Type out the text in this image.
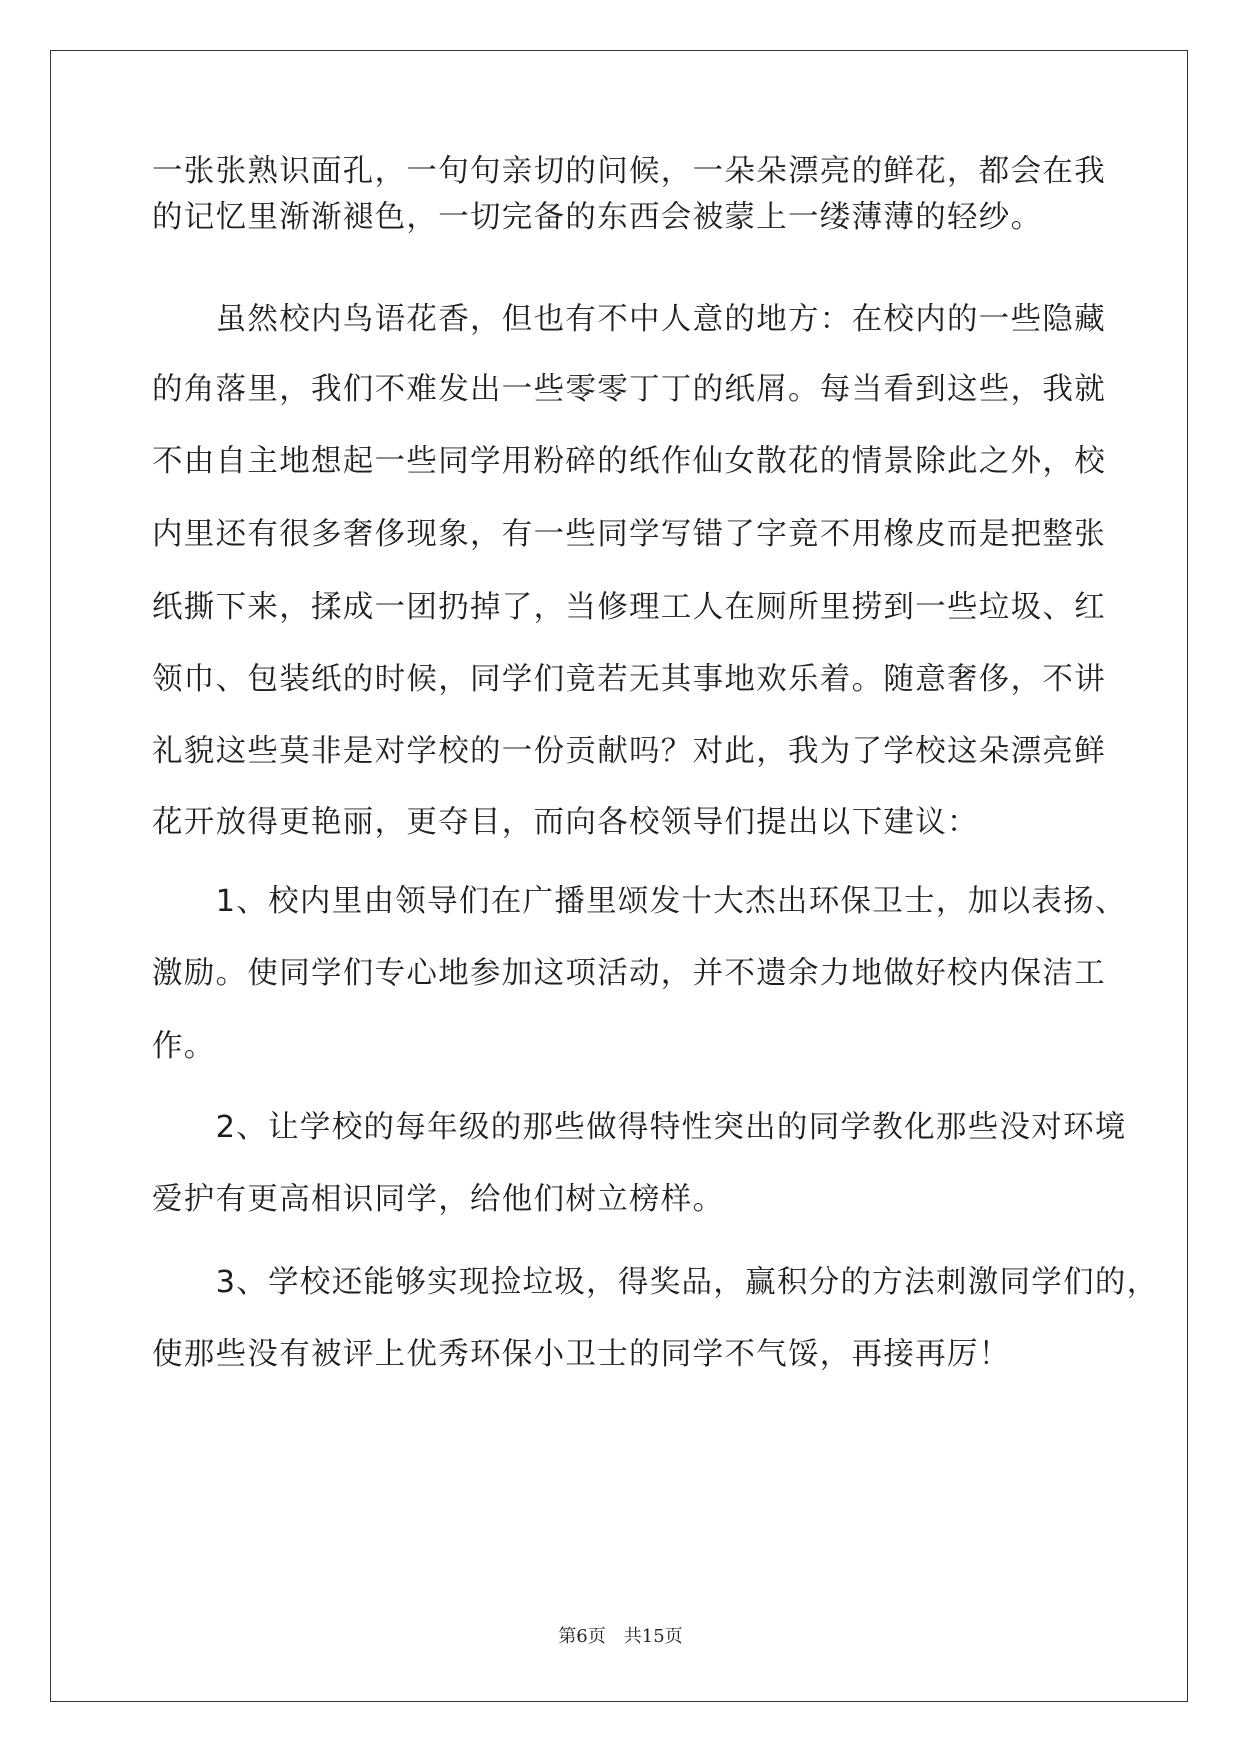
一张张熟识面孔，一句句亲切的问候，一朵朵漂亮的鲜花，都会在我
的记忆里渐渐褪色，一切完备的东西会被蒙上一缕薄薄的轻纱。
　　虽然校内鸟语花香，但也有不中人意的地方：在校内的一些隐藏
的角落里，我们不难发出一些零零丁丁的纸屑。每当看到这些，我就
不由自主地想起一些同学用粉碎的纸作仙女散花的情景除此之外，校
内里还有很多奢侈现象，有一些同学写错了字竟不用橡皮而是把整张
纸撕下来，揉成一团扔掉了，当修理工人在厕所里捞到一些垃圾、红
领巾、包装纸的时候，同学们竟若无其事地欢乐着。随意奢侈，不讲
礼貌这些莫非是对学校的一份贡献吗？对此，我为了学校这朵漂亮鲜
花开放得更艳丽，更夺目，而向各校领导们提出以下建议：
　　1、校内里由领导们在广播里颂发十大杰出环保卫士，加以表扬、
激励。使同学们专心地参加这项活动，并不遗余力地做好校内保洁工
作。
　　2、让学校的每年级的那些做得特性突出的同学教化那些没对环境
爱护有更高相识同学，给他们树立榜样。
　　3、学校还能够实现捡垃圾，得奖品，赢积分的方法刺激同学们的，
使那些没有被评上优秀环保小卫士的同学不气馁，再接再厉！
第6页　共15页
